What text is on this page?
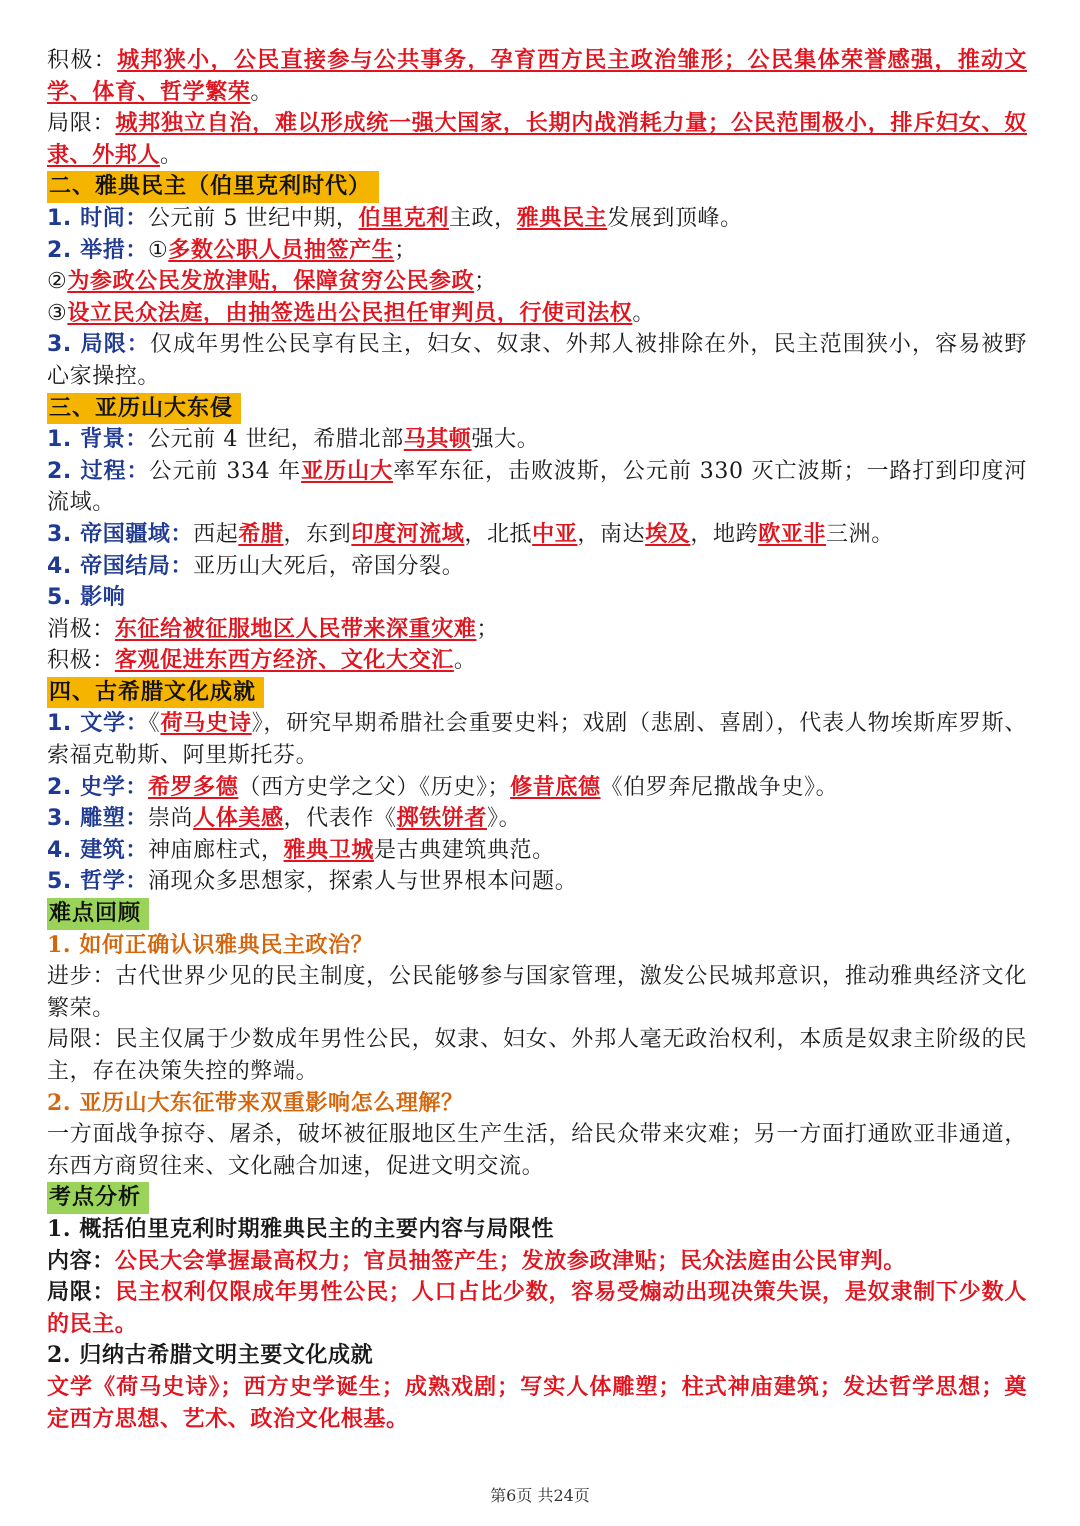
积极：城邦狭小，公民直接参与公共事务，孕育西方民主政治雏形；公民集体荣誉感强，推动文学、体育、哲学繁荣。
局限：城邦独立自治，难以形成统一强大国家，长期内战消耗力量；公民范围极小，排斥妇女、奴隶、外邦人。
二、雅典民主（伯里克利时代）
1. 时间：公元前 5 世纪中期，伯里克利主政，雅典民主发展到顶峰。
2. 举措：①多数公职人员抽签产生；
②为参政公民发放津贴，保障贫穷公民参政；
③设立民众法庭，由抽签选出公民担任审判员，行使司法权。
3. 局限：仅成年男性公民享有民主，妇女、奴隶、外邦人被排除在外，民主范围狭小，容易被野心家操控。
三、亚历山大东侵
1. 背景：公元前 4 世纪，希腊北部马其顿强大。
2. 过程：公元前 334 年亚历山大率军东征，击败波斯，公元前 330 灭亡波斯；一路打到印度河流域。
3. 帝国疆域：西起希腊，东到印度河流域，北抵中亚，南达埃及，地跨欧亚非三洲。
4. 帝国结局：亚历山大死后，帝国分裂。
5. 影响
消极：东征给被征服地区人民带来深重灾难；
积极：客观促进东西方经济、文化大交汇。
四、古希腊文化成就
1. 文学：《荷马史诗》，研究早期希腊社会重要史料；戏剧（悲剧、喜剧），代表人物埃斯库罗斯、索福克勒斯、阿里斯托芬。
2. 史学：希罗多德（西方史学之父）《历史》；修昔底德《伯罗奔尼撒战争史》。
3. 雕塑：崇尚人体美感，代表作《掷铁饼者》。
4. 建筑：神庙廊柱式，雅典卫城是古典建筑典范。
5. 哲学：涌现众多思想家，探索人与世界根本问题。
难点回顾
1. 如何正确认识雅典民主政治？
进步：古代世界少见的民主制度，公民能够参与国家管理，激发公民城邦意识，推动雅典经济文化繁荣。
局限：民主仅属于少数成年男性公民，奴隶、妇女、外邦人毫无政治权利，本质是奴隶主阶级的民主，存在决策失控的弊端。
2. 亚历山大东征带来双重影响怎么理解？
一方面战争掠夺、屠杀，破坏被征服地区生产生活，给民众带来灾难；另一方面打通欧亚非通道，东西方商贸往来、文化融合加速，促进文明交流。
考点分析
1. 概括伯里克利时期雅典民主的主要内容与局限性
内容：公民大会掌握最高权力；官员抽签产生；发放参政津贴；民众法庭由公民审判。
局限：民主权利仅限成年男性公民；人口占比少数，容易受煽动出现决策失误，是奴隶制下少数人的民主。
2. 归纳古希腊文明主要文化成就
文学《荷马史诗》；西方史学诞生；成熟戏剧；写实人体雕塑；柱式神庙建筑；发达哲学思想；奠定西方思想、艺术、政治文化根基。
第6页 共24页
